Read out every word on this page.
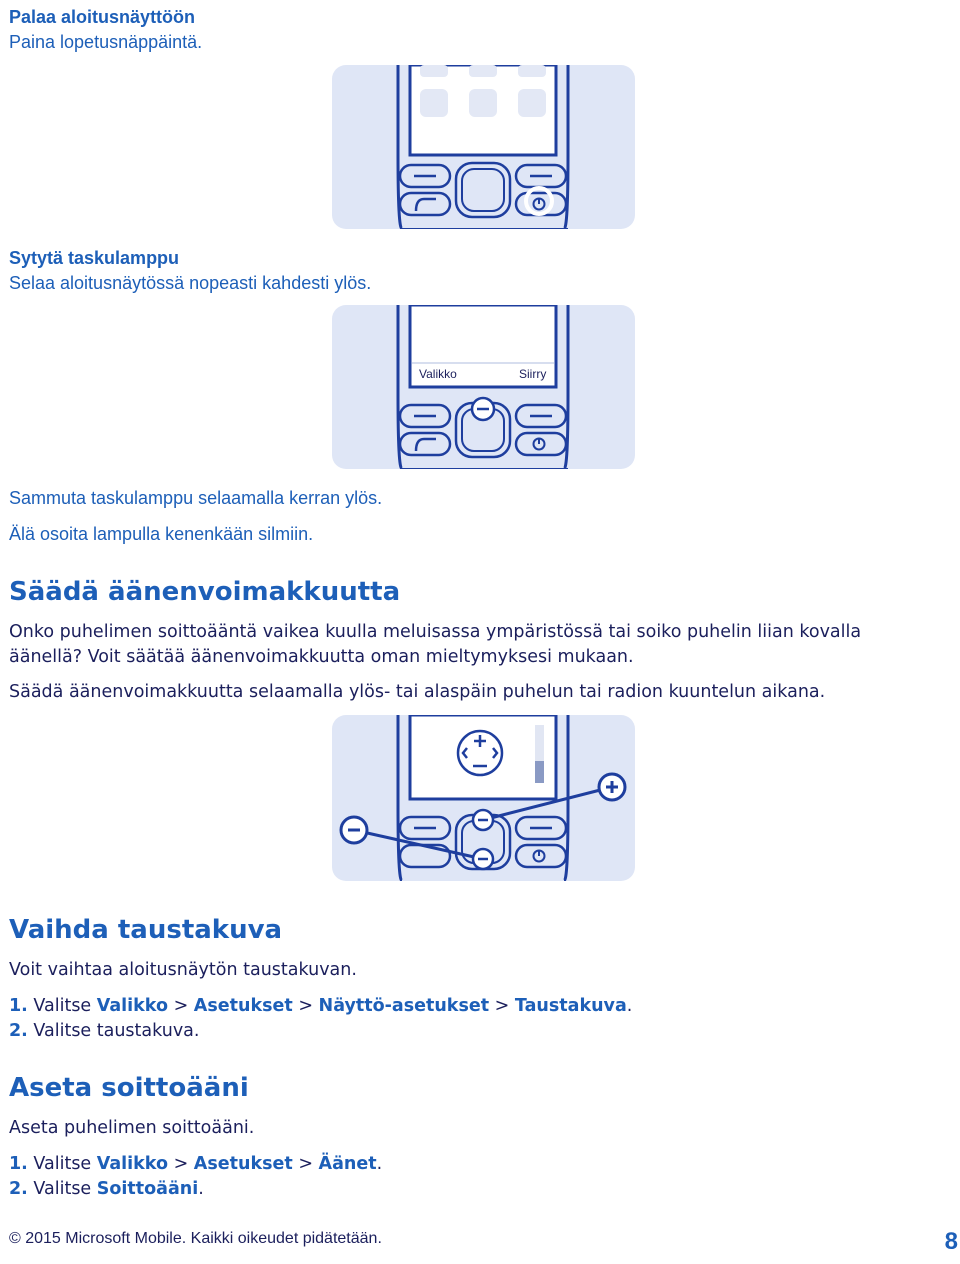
Palaa aloitusnäyttöön
Paina lopetusnäppäintä.
Sytytä taskulamppu
Selaa aloitusnäytössä nopeasti kahdesti ylös.
Valikko	Siirry
Sammuta taskulamppu selaamalla kerran ylös.
Älä osoita lampulla kenenkään silmiin.
Säädä äänenvoimakkuutta
Onko puhelimen soittoääntä vaikea kuulla meluisassa ympäristössä tai soiko puhelin liian kovalla
äänellä? Voit säätää äänenvoimakkuutta oman mieltymyksesi mukaan.
Säädä äänenvoimakkuutta selaamalla ylös- tai alaspäin puhelun tai radion kuuntelun aikana.
Vaihda taustakuva
Voit vaihtaa aloitusnäytön taustakuvan.
1. Valitse Valikko > Asetukset > Näyttö-asetukset > Taustakuva.
2. Valitse taustakuva.
Aseta soittoääni
Aseta puhelimen soittoääni.
1. Valitse Valikko > Asetukset > Äänet.
2. Valitse Soittoääni.
© 2015 Microsoft Mobile. Kaikki oikeudet pidätetään.	8
